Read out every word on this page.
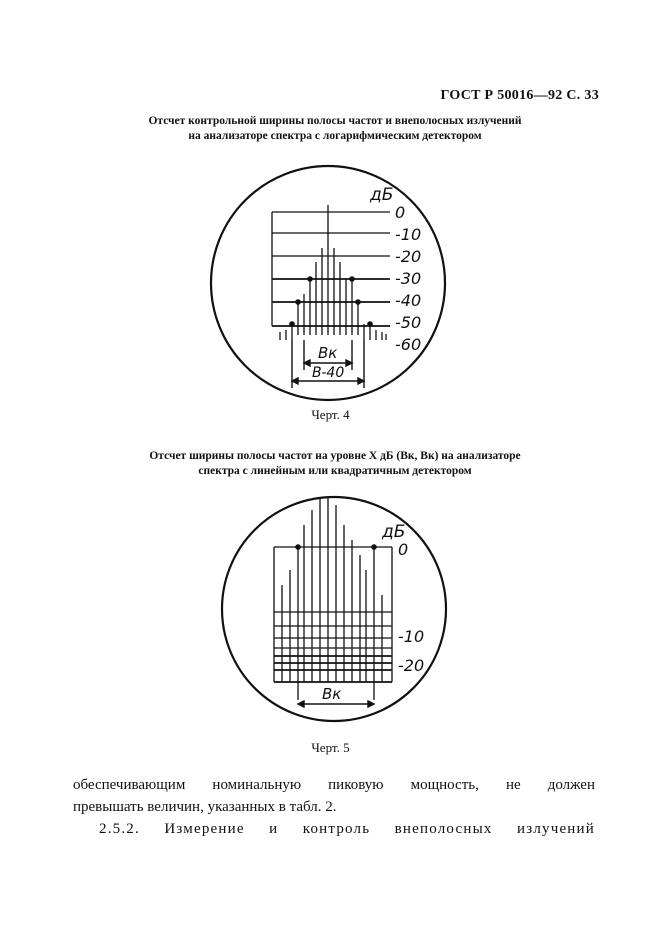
ГОСТ Р 50016—92 С. 33
Отсчет контрольной ширины полосы частот и внеполосных излучений
на анализаторе спектра с логарифмическим детектором
дБ
0
-10
-20
-30
-40
-50
-60
Bк
B-40
Черт. 4
Отсчет ширины полосы частот на уровне X дБ (Bк, Bк) на анализаторе
спектра с линейным или квадратичным детектором
дБ
0
-10
-20
Bк
Черт. 5
обеспечивающим номинальную пиковую мощность, не должен
превышать величин, указанных в табл. 2.
2.5.2. Измерение и контроль внеполосных излучений
